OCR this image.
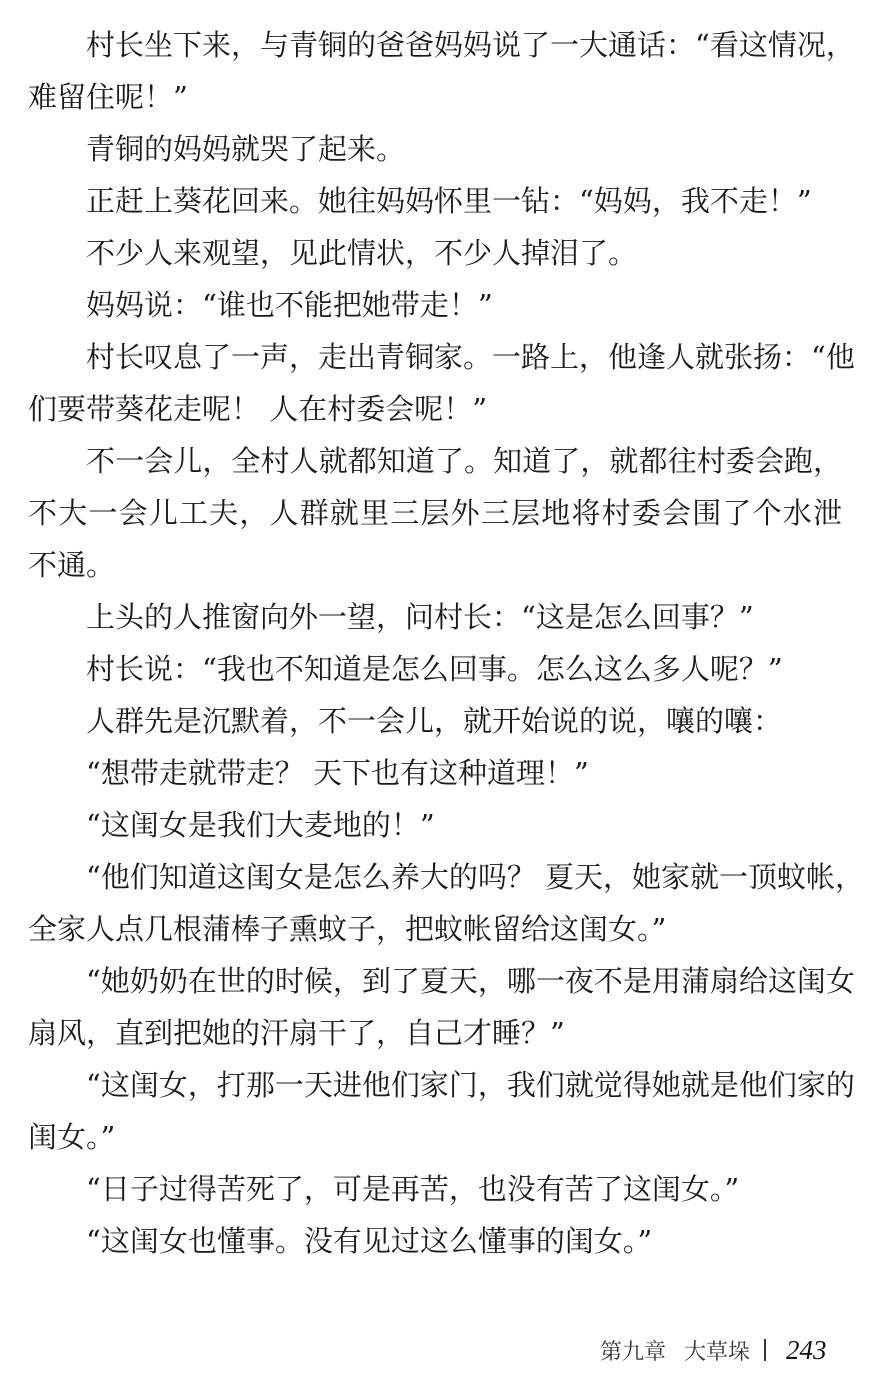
村长坐下来，与青铜的爸爸妈妈说了一大通话：“看这情况，
难留住呢！”
青铜的妈妈就哭了起来。
正赶上葵花回来。她往妈妈怀里一钻：“妈妈，我不走！”
不少人来观望，见此情状，不少人掉泪了。
妈妈说：“谁也不能把她带走！”
村长叹息了一声，走出青铜家。一路上，他逢人就张扬：“他
们要带葵花走呢！ 人在村委会呢！”
不一会儿，全村人就都知道了。知道了，就都往村委会跑，
不大一会儿工夫，人群就里三层外三层地将村委会围了个水泄
不通。
上头的人推窗向外一望，问村长：“这是怎么回事？”
村长说：“我也不知道是怎么回事。怎么这么多人呢？”
人群先是沉默着，不一会儿，就开始说的说，嚷的嚷：
“想带走就带走？ 天下也有这种道理！”
“这闺女是我们大麦地的！”
“他们知道这闺女是怎么养大的吗？ 夏天，她家就一顶蚊帐，
全家人点几根蒲棒子熏蚊子，把蚊帐留给这闺女。”
“她奶奶在世的时候，到了夏天，哪一夜不是用蒲扇给这闺女
扇风，直到把她的汗扇干了，自己才睡？”
“这闺女，打那一天进他们家门，我们就觉得她就是他们家的
闺女。”
“日子过得苦死了，可是再苦，也没有苦了这闺女。”
“这闺女也懂事。没有见过这么懂事的闺女。”
第九章 大草垛 243
